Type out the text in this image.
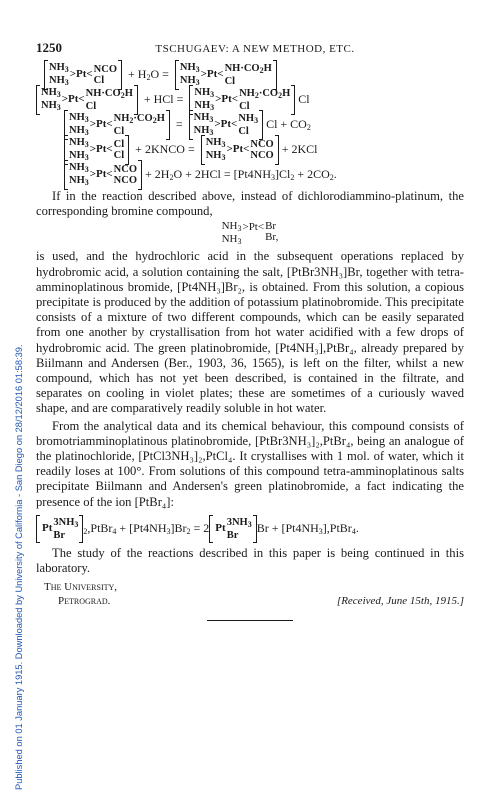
Published on 01 January 1915. Downloaded by University of California - San Diego on 28/12/2016 01:58:39.
1250	TSCHUGAEV: A NEW METHOD, ETC.
$NH_3$
$NH_3$
>Pt< NCO
Cl	+ $H_2O = NH_3$
$NH_3$
$>Pt< NH\cdot CO_2H$
Cl
$NH_3$
$NH_3$
$>Pt< NH\cdot CO_2H$
Cl	+ HCl = $NH_3$
$NH_3$
$>Pt< NH_2\cdot CO_2H$
Cl	Cl
$NH_3$
$NH_3$
$>Pt< NH_2\cdot CO_2H$
Cl	= $NH_3$
$NH_3$
$>Pt< NH_3$
Cl	$Cl + CO_2$
$NH_3$
$NH_3$
>Pt< Cl
Cl + 2KNCO = $NH_3$
$NH_3$
>Pt< NCO
NCO + 2KCl
$NH_3$
$NH_3$
>Pt< NCO
NCO + $2H_2O + 2HCl = [Pt4NH_3]Cl_2 + 2CO_2$.

If in the reaction described above, instead of dichlorodiammino-platinum, the corresponding bromine compound,

$NH_3$
$NH_3$
>Pt< Br
Br,

is used, and the hydrochloric acid in the subsequent operations replaced by hydrobromic acid, a solution containing the salt, [PtBr3NH₃]Br, together with tetra-amminoplatinous bromide, [Pt4NH₃]Br₂, is obtained. From this solution, a copious precipitate is produced by the addition of potassium platinobromide. This precipitate consists of a mixture of two different compounds, which can be easily separated from one another by crystallisation from hot water acidified with a few drops of hydrobromic acid. The green platinobromide, [Pt4NH₃],PtBr₄, already prepared by Biilmann and Andersen (Ber., 1903, 36, 1565), is left on the filter, whilst a new compound, which has not yet been described, is contained in the filtrate, and separates on cooling in violet plates; these are sometimes of a curiously waved shape, and are comparatively readily soluble in hot water.

From the analytical data and its chemical behaviour, this compound consists of bromotriamminoplatinous platinobromide, [PtBr3NH₃]₂,PtBr₄, being an analogue of the platinochloride, [PtCl3NH₃]₂,PtCl₄. It crystallises with 1 mol. of water, which it readily loses at 100°. From solutions of this compound tetra-amminoplatinous salts precipitate Biilmann and Andersen's green platinobromide, a fact indicating the presence of the ion [PtBr₄]:

Pt $3NH_3$
Br	$_2$,PtBr$_4$ + $[Pt4NH_3]Br_2 = 2$ Pt $3NH_3$
Br	$Br + [Pt4NH_3],PtBr_4$.

The study of the reactions described in this paper is being continued in this laboratory.

The University,
Petrograd.	[Received, June 15th, 1915.]
